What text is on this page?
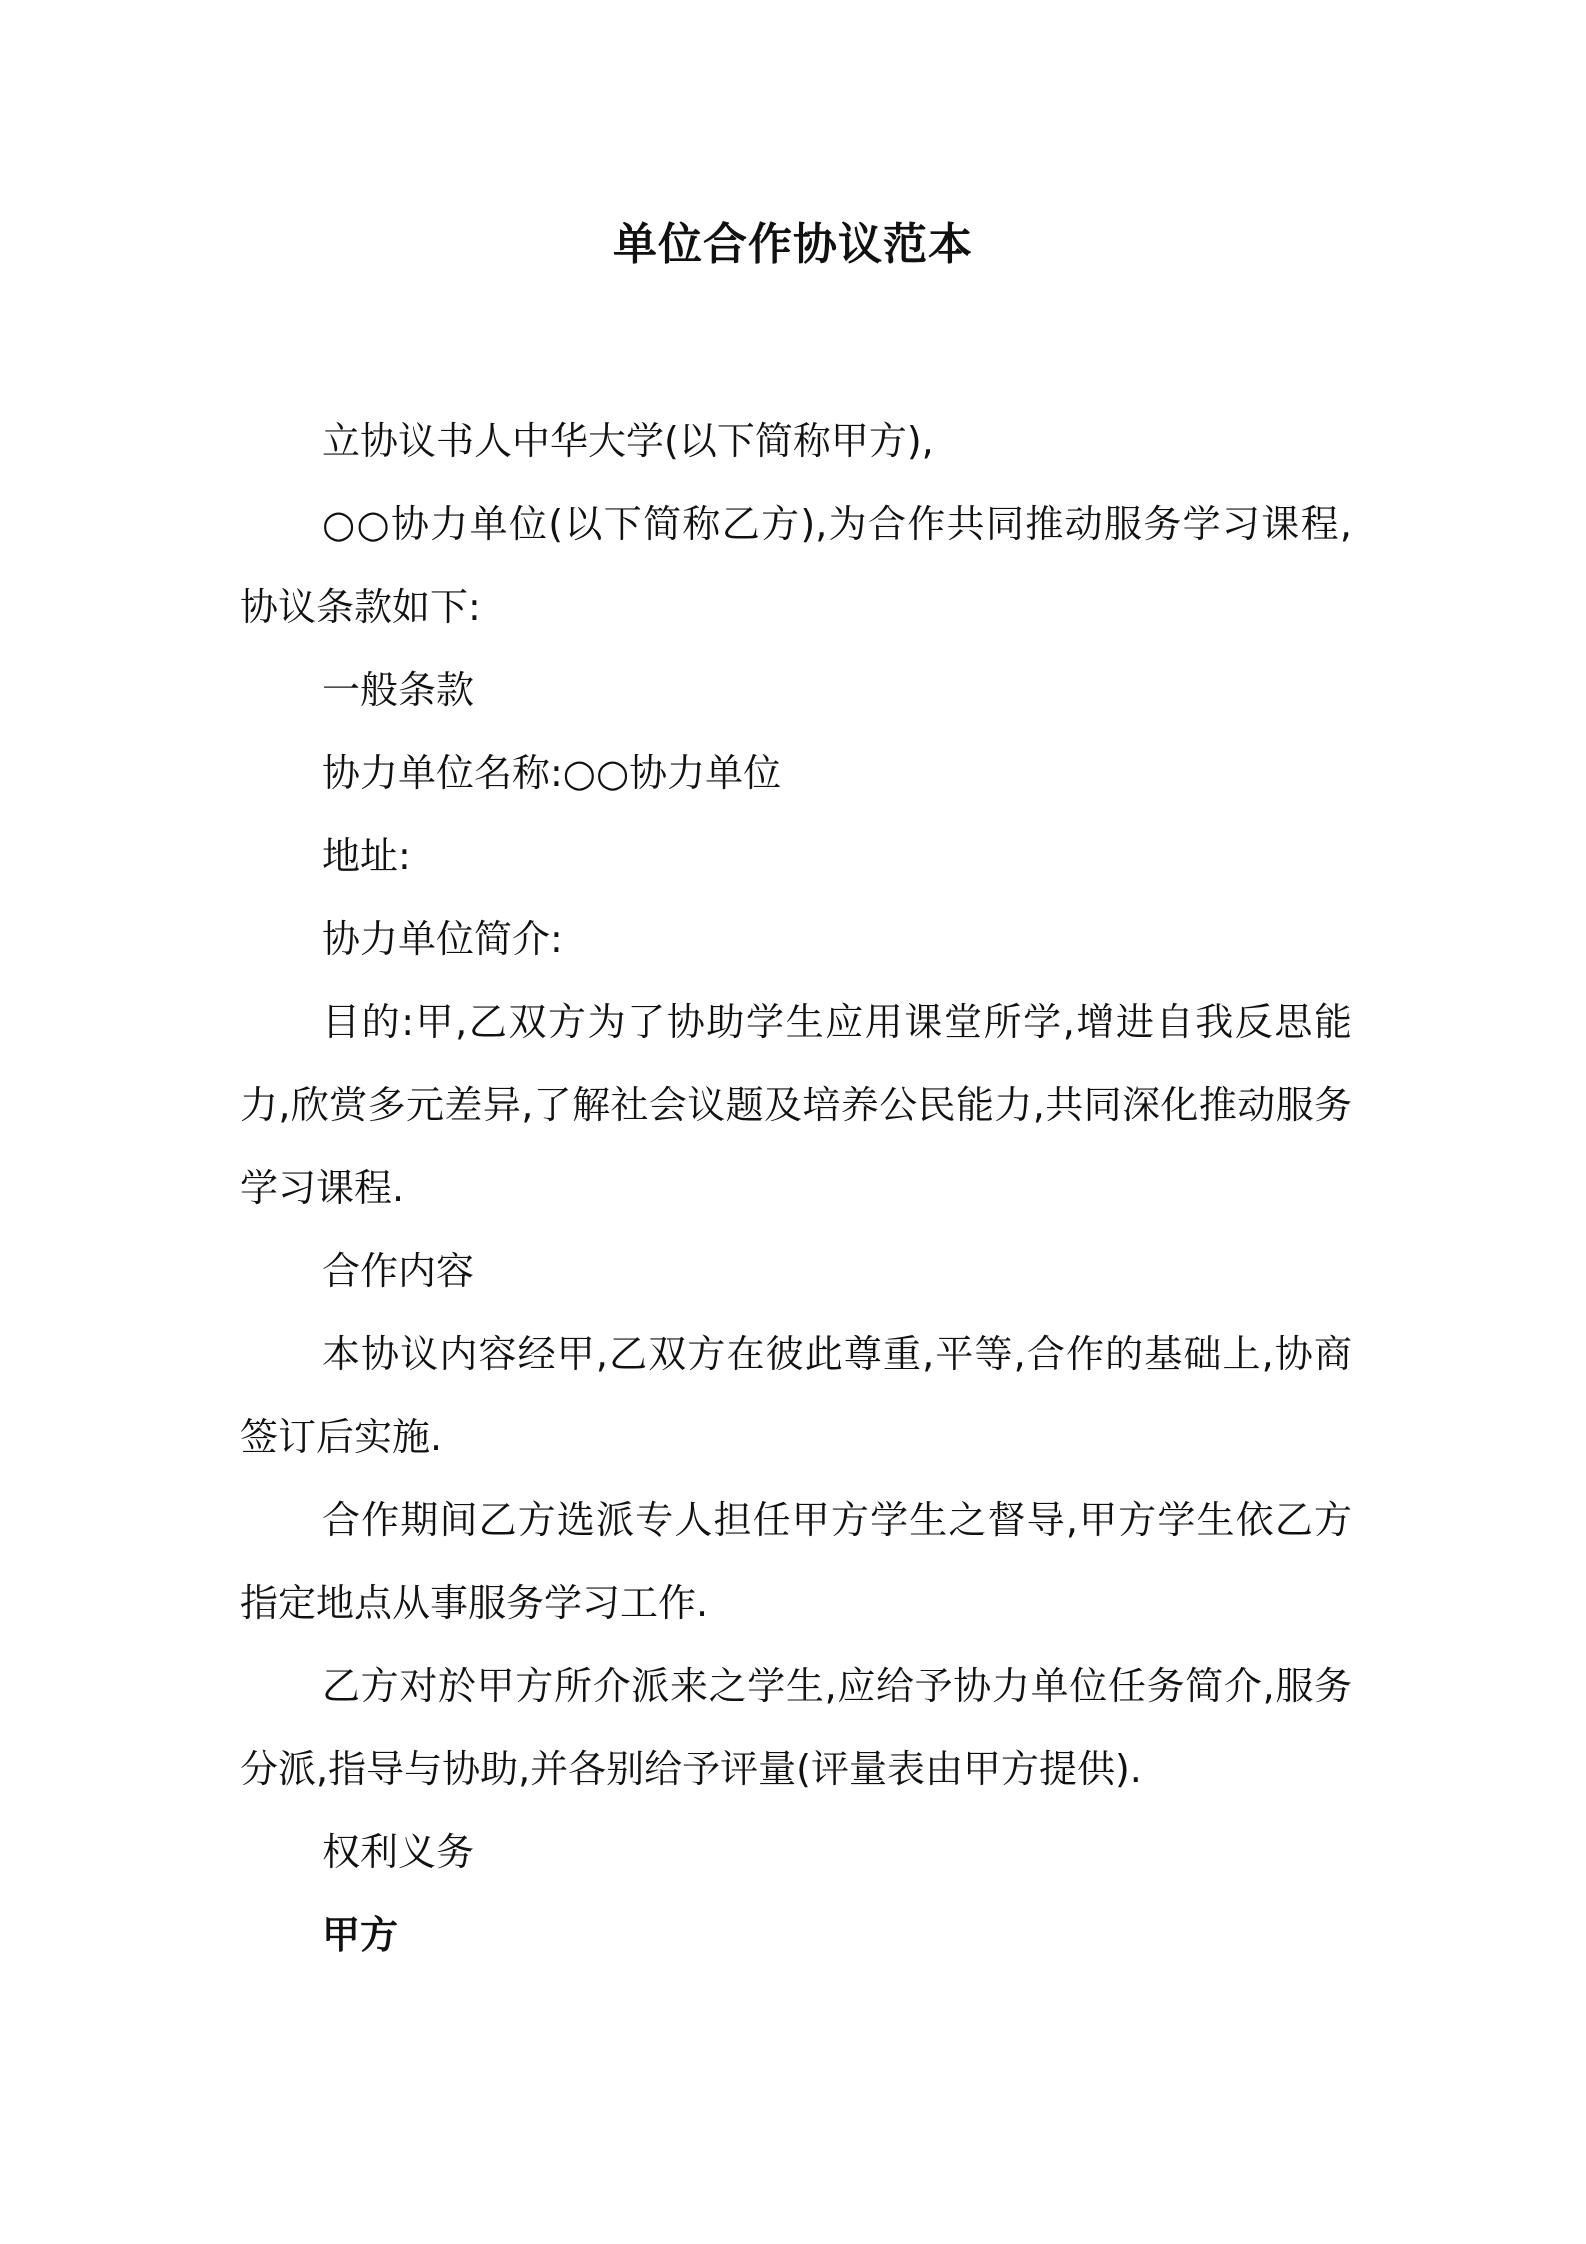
单位合作协议范本

立协议书人中华大学(以下简称甲方),

○○协力单位(以下简称乙方),为合作共同推动服务学习课程,协议条款如下:

一般条款

协力单位名称:○○协力单位

地址:

协力单位简介:

目的:甲,乙双方为了协助学生应用课堂所学,增进自我反思能力,欣赏多元差异,了解社会议题及培养公民能力,共同深化推动服务学习课程.

合作内容

本协议内容经甲,乙双方在彼此尊重,平等,合作的基础上,协商签订后实施.

合作期间乙方选派专人担任甲方学生之督导,甲方学生依乙方指定地点从事服务学习工作.

乙方对於甲方所介派来之学生,应给予协力单位任务简介,服务分派,指导与协助,并各别给予评量(评量表由甲方提供).

权利义务

甲方
